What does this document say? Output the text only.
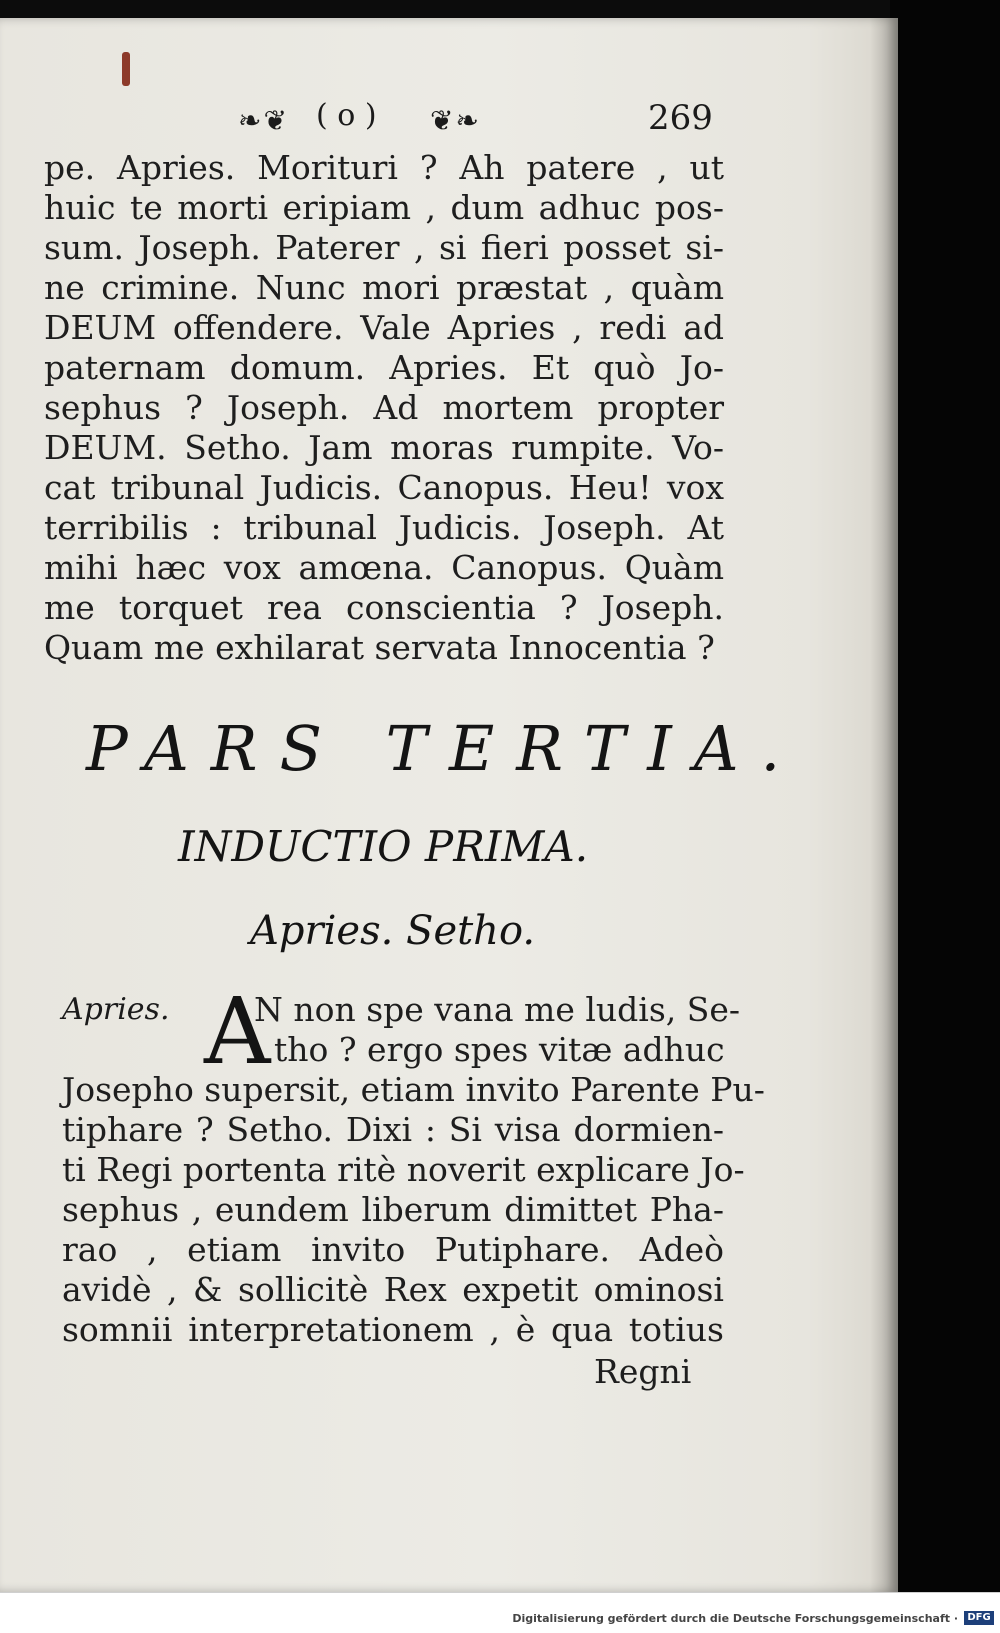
❧❦ ( o ) ❦❧	269

pe. Apries. Morituri ? Ah patere , ut

huic te morti eripiam , dum adhuc pos-

sum. Joseph. Paterer , si fieri posset si-

ne crimine. Nunc mori præstat , quàm

DEUM offendere. Vale Apries , redi ad

paternam domum. Apries. Et quò Jo-

sephus ? Joseph. Ad mortem propter

DEUM. Setho. Jam moras rumpite. Vo-

cat tribunal Judicis. Canopus. Heu! vox

terribilis : tribunal Judicis. Joseph. At

mihi hæc vox amœna. Canopus. Quàm

me torquet rea conscientia ? Joseph.

Quam me exhilarat servata Innocentia ?

PARS TERTIA.
INDUCTIO PRIMA.
Apries. Setho.
Apries. A

N non spe vana me ludis, Se-

tho ? ergo spes vitæ adhuc

Josepho supersit, etiam invito Parente Pu-

tiphare ? Setho. Dixi : Si visa dormien-

ti Regi portenta ritè noverit explicare Jo-

sephus , eundem liberum dimittet Pha-

rao , etiam invito Putiphare. Adeò

avidè , & sollicitè Rex expetit ominosi

somnii interpretationem , è qua totius

Regni
Digitalisierung gefördert durch die Deutsche Forschungsgemeinschaft · DFG
